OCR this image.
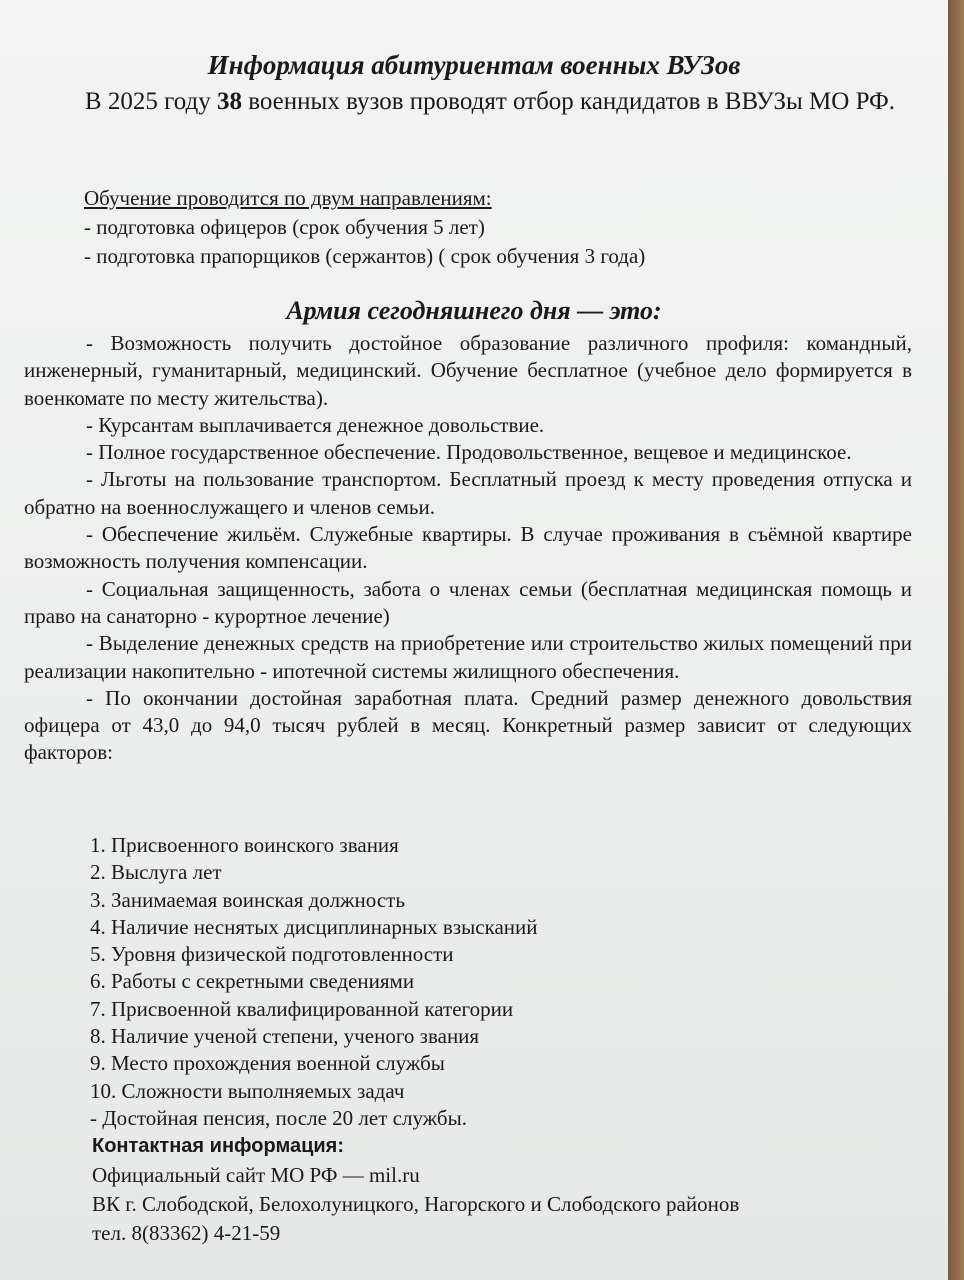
Информация абитуриентам военных ВУЗов
В 2025 году 38 военных вузов проводят отбор кандидатов в ВВУЗы МО РФ.
Обучение проводится по двум направлениям:
- подготовка офицеров (срок обучения 5 лет)
- подготовка прапорщиков (сержантов) ( срок обучения 3 года)
Армия сегодняшнего дня — это:

- Возможность получить достойное образование различного профиля: командный, инженерный, гуманитарный, медицинский. Обучение бесплатное (учебное дело формируется в военкомате по месту жительства).

- Курсантам выплачивается денежное довольствие.

- Полное государственное обеспечение. Продовольственное, вещевое и медицинское.

- Льготы на пользование транспортом. Бесплатный проезд к месту проведения отпуска и обратно на военнослужащего и членов семьи.

- Обеспечение жильём. Служебные квартиры. В случае проживания в съёмной квартире возможность получения компенсации.

- Социальная защищенность, забота о членах семьи (бесплатная медицинская помощь и право на санаторно - курортное лечение)

- Выделение денежных средств на приобретение или строительство жилых помещений при реализации накопительно - ипотечной системы жилищного обеспечения.

- По окончании достойная заработная плата. Средний размер денежного довольствия офицера от 43,0 до 94,0 тысяч рублей в месяц. Конкретный размер зависит от следующих факторов:

1. Присвоенного воинского звания
2. Выслуга лет
3. Занимаемая воинская должность
4. Наличие неснятых дисциплинарных взысканий
5. Уровня физической подготовленности
6. Работы с секретными сведениями
7. Присвоенной квалифицированной категории
8. Наличие ученой степени, ученого звания
9. Место прохождения военной службы
10. Сложности выполняемых задач
- Достойная пенсия, после 20 лет службы.
Контактная информация:
Официальный сайт МО РФ — mil.ru
ВК г. Слободской, Белохолуницкого, Нагорского и Слободского районов
тел. 8(83362) 4-21-59
